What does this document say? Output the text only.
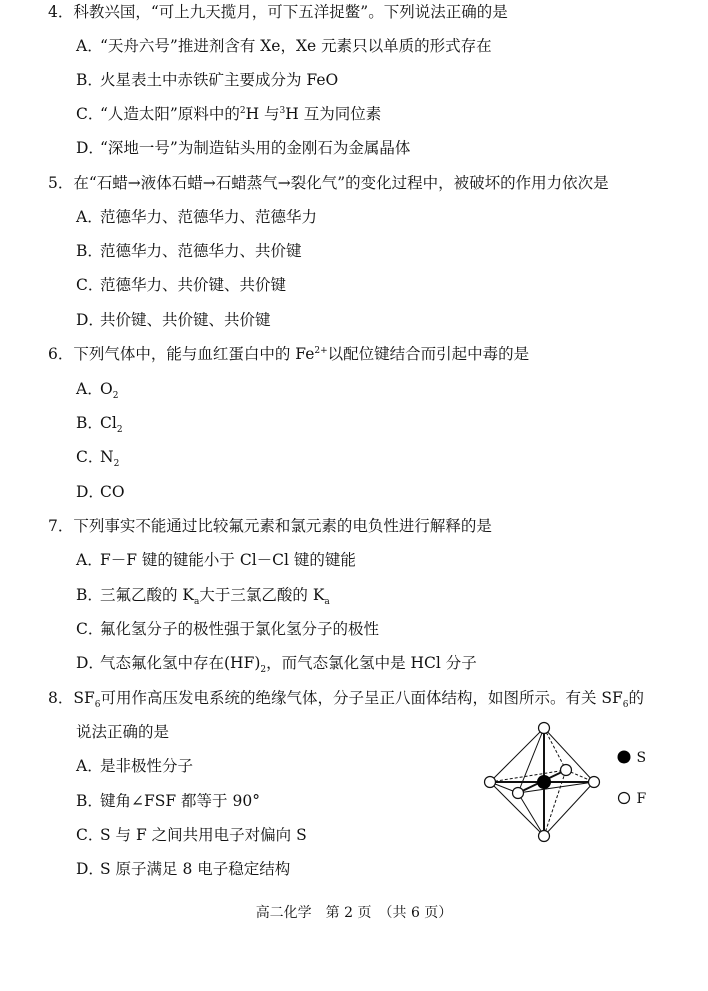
4．科教兴国，“可上九天揽月，可下五洋捉鳖”。下列说法正确的是
A．“天舟六号”推进剂含有 Xe，Xe 元素只以单质的形式存在
B．火星表土中赤铁矿主要成分为 FeO
C．“人造太阳”原料中的$^2$H 与$^3$H 互为同位素
D．“深地一号”为制造钻头用的金刚石为金属晶体
5．在“石蜡→液体石蜡→石蜡蒸气→裂化气”的变化过程中，被破坏的作用力依次是
A．范德华力、范德华力、范德华力
B．范德华力、范德华力、共价键
C．范德华力、共价键、共价键
D．共价键、共价键、共价键
6．下列气体中，能与血红蛋白中的 $Fe^{2+}$以配位键结合而引起中毒的是
A．$O_2$
B．$Cl_2$
C．$N_2$
D．CO
7．下列事实不能通过比较氟元素和氯元素的电负性进行解释的是
A．F－F 键的键能小于 Cl－Cl 键的键能
B．三氟乙酸的 $K_a$大于三氯乙酸的 $K_a$
C．氟化氢分子的极性强于氯化氢分子的极性
D．气态氟化氢中存在$(HF)_2$，而气态氯化氢中是 HCl 分子
8．$SF_6$可用作高压发电系统的绝缘气体，分子呈正八面体结构，如图所示。有关 $SF_6$的
说法正确的是
A．是非极性分子
B．键角∠FSF 都等于 90°
C．S 与 F 之间共用电子对偏向 S
D．S 原子满足 8 电子稳定结构
S
F
高二化学　第 2 页　（共 6 页）
